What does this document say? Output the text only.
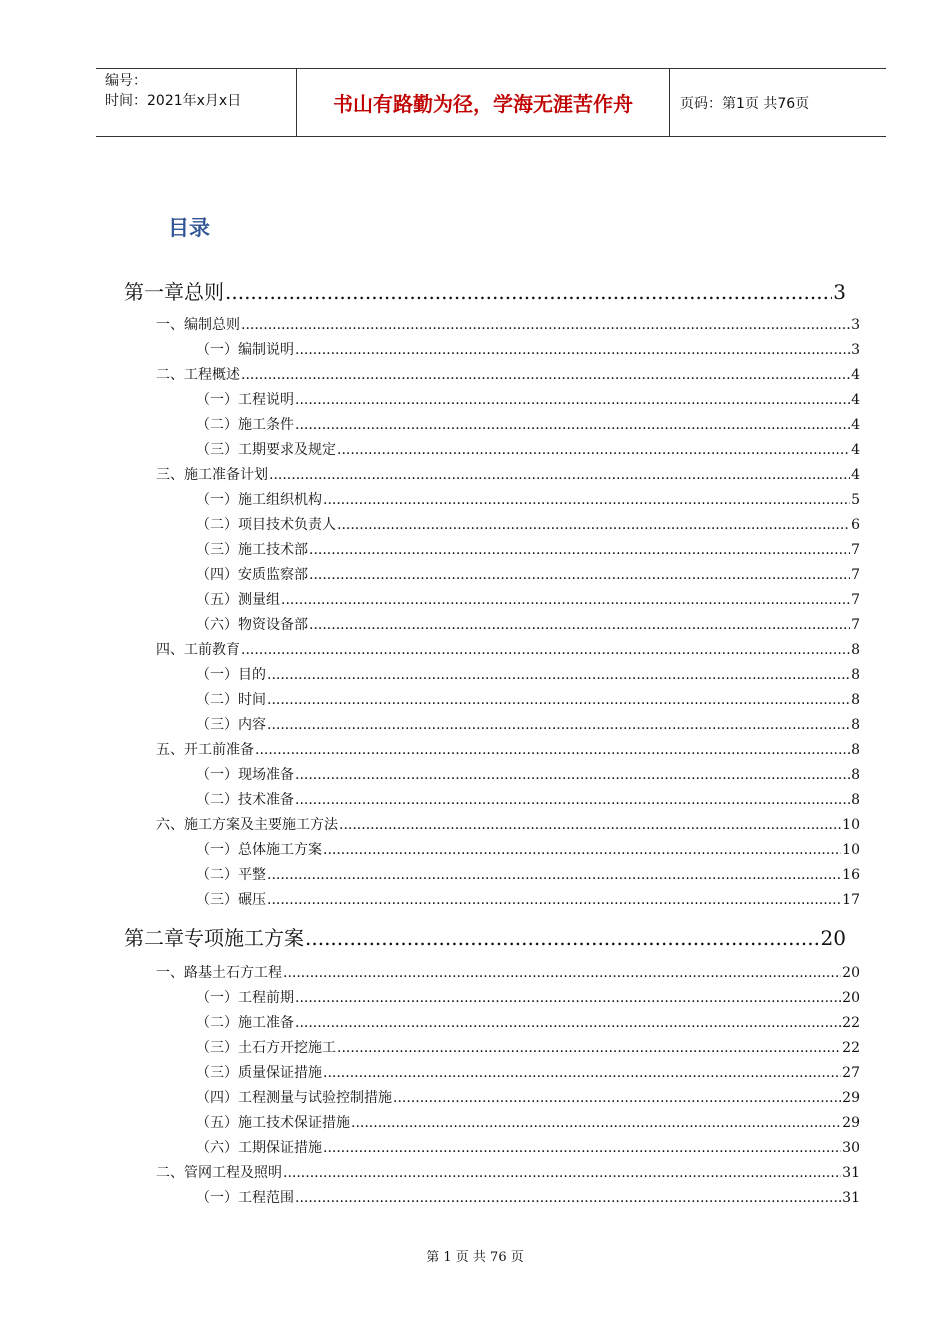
编号：
时间：2021年x月x日	书山有路勤为径，学海无涯苦作舟	页码：第1页 共76页
目录
第一章总则 .....	3
一、编制总则 .....	3
（一）编制说明 .....	3
二、工程概述 .....	4
（一）工程说明 .....	4
（二）施工条件 .....	4
（三）工期要求及规定 .....	4
三、施工准备计划 .....	4
（一）施工组织机构 .....	5
（二）项目技术负责人 .....	6
（三）施工技术部 .....	7
（四）安质监察部 .....	7
（五）测量组 .....	7
（六）物资设备部 .....	7
四、工前教育 .....	8
（一）目的 .....	8
（二）时间 .....	8
（三）内容 .....	8
五、开工前准备 .....	8
（一）现场准备 .....	8
（二）技术准备 .....	8
六、施工方案及主要施工方法 .....	10
（一）总体施工方案 .....	10
（二）平整 .....	16
（三）碾压 .....	17
第二章专项施工方案 .....	20
一、路基土石方工程 .....	20
（一）工程前期 .....	20
（二）施工准备 .....	22
（三）土石方开挖施工 .....	22
（三）质量保证措施 .....	27
（四）工程测量与试验控制措施 .....	29
（五）施工技术保证措施 .....	29
（六）工期保证措施 .....	30
二、管网工程及照明 .....	31
（一）工程范围 .....	31
第 1 页 共 76 页
